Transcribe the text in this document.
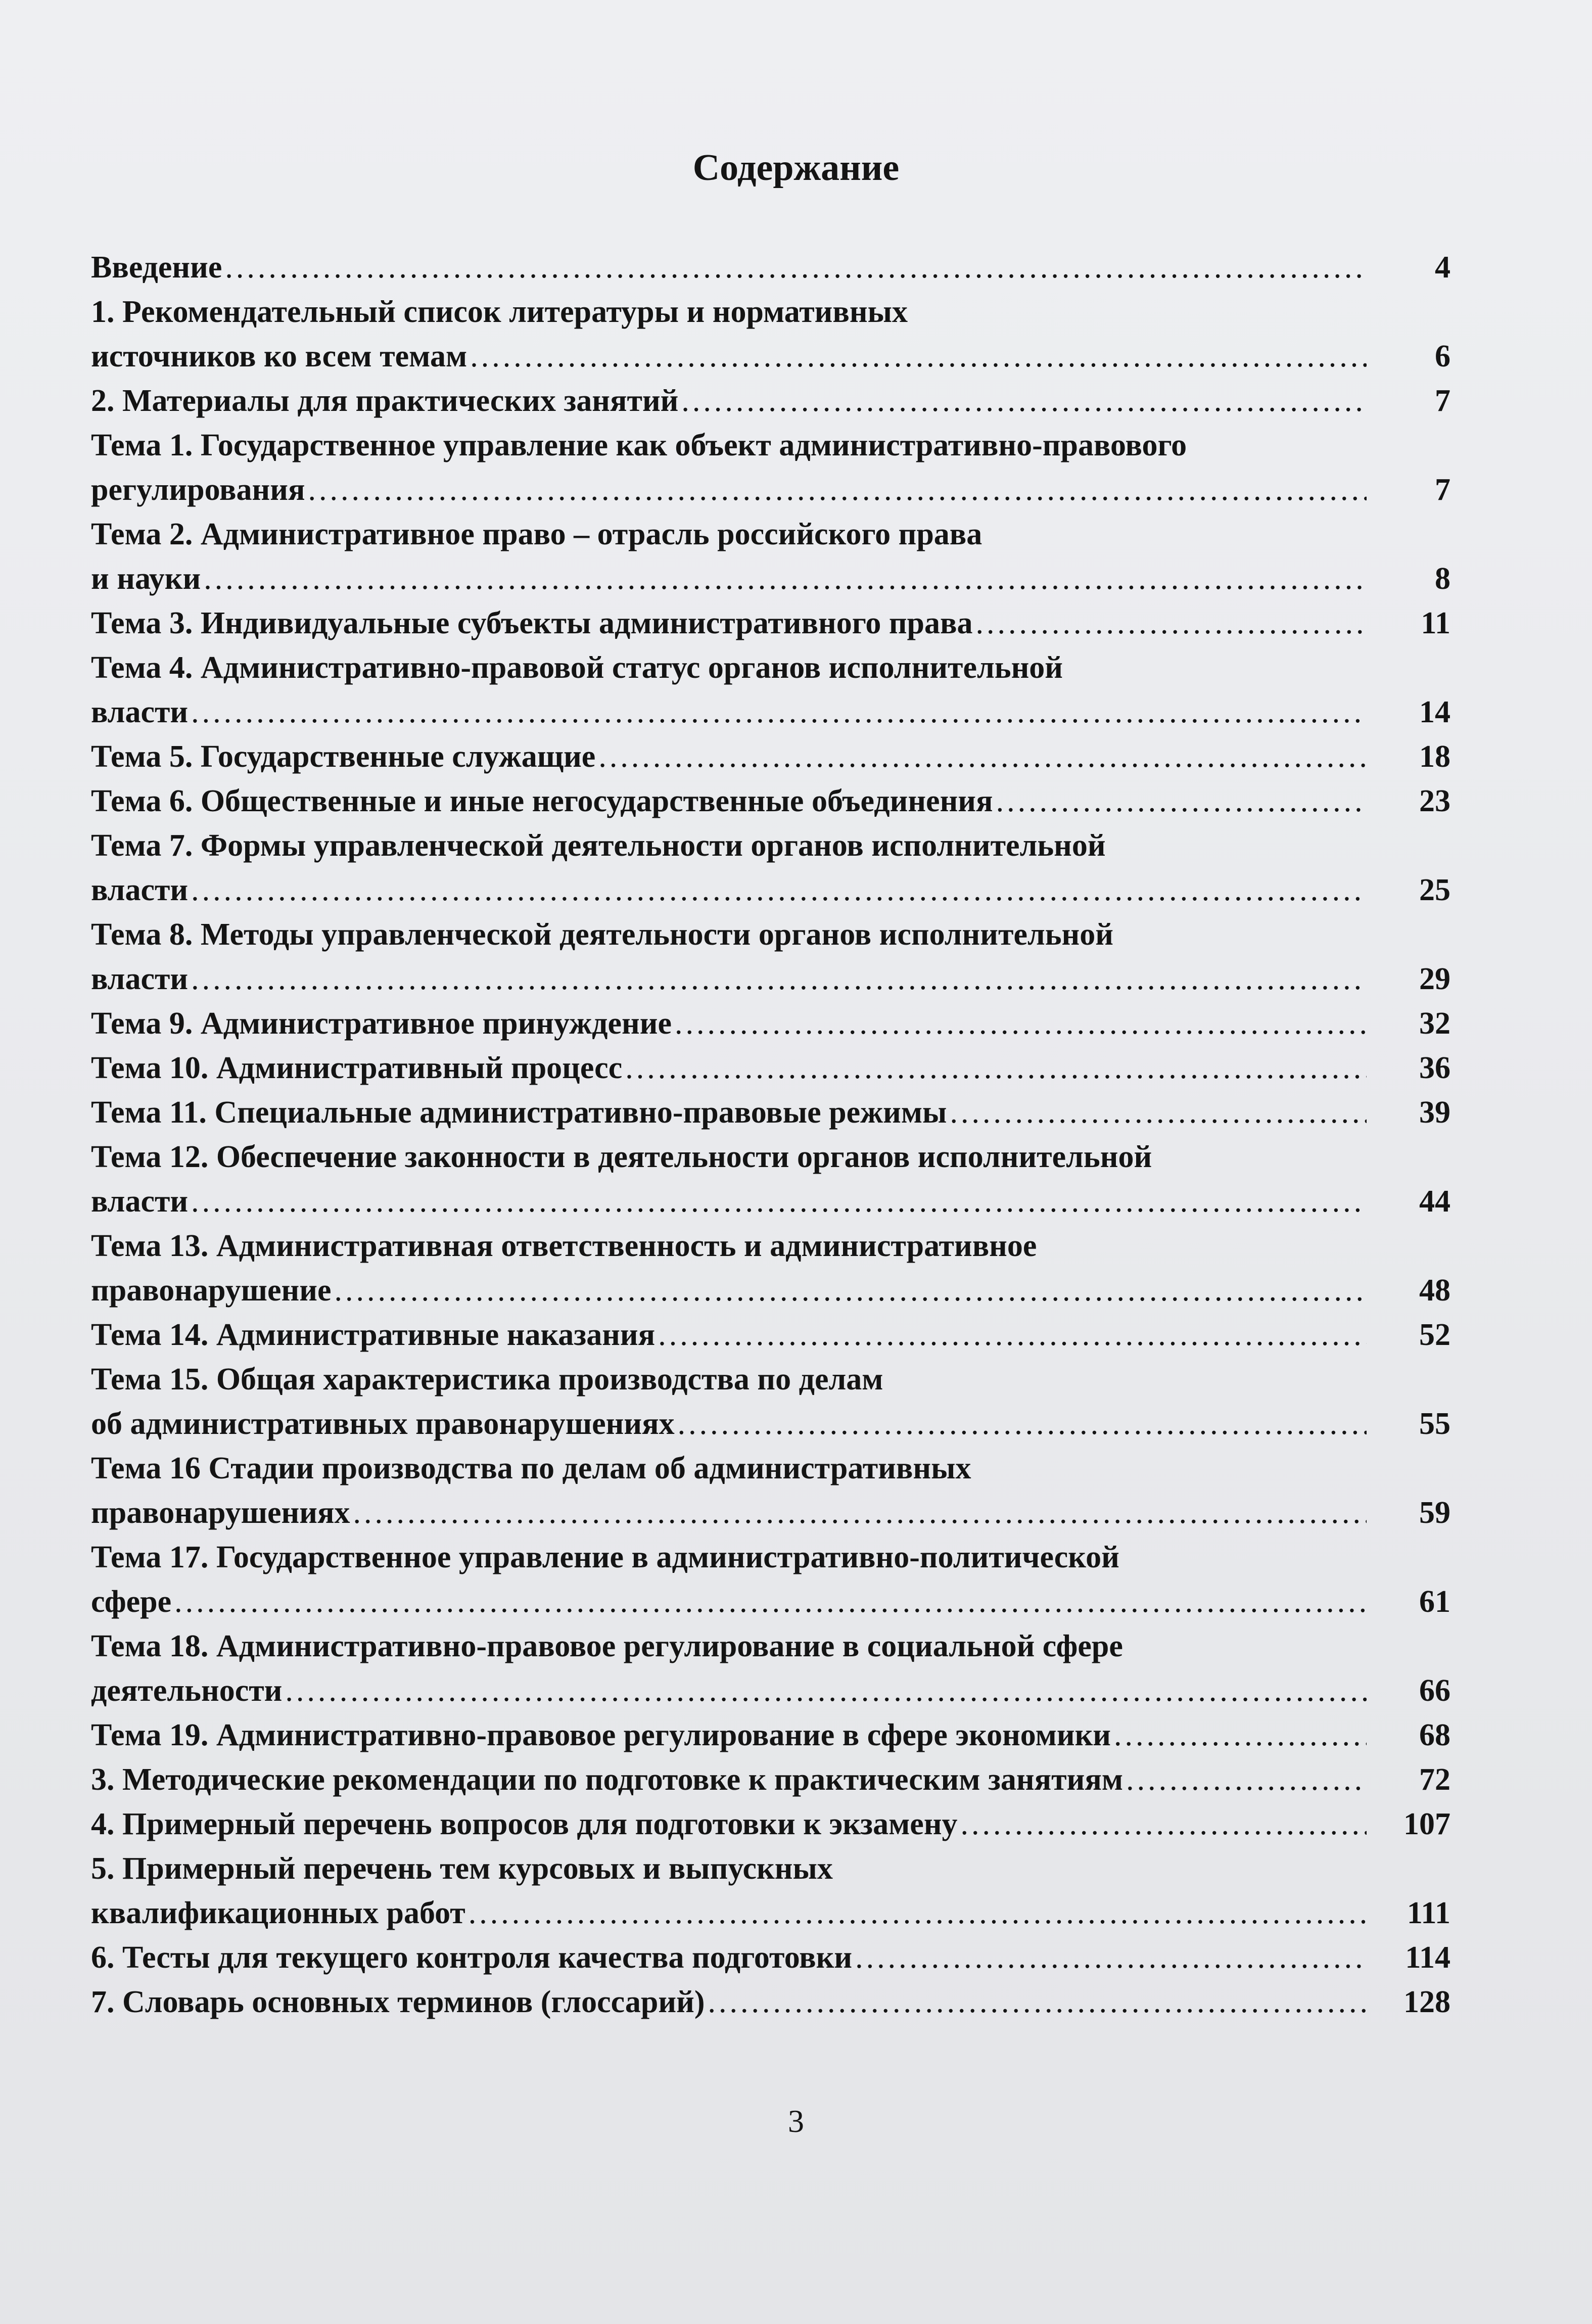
Содержание
Введение .....	4
1. Рекомендательный список литературы и нормативных
источников ко всем темам .....	6
2. Материалы для практических занятий .....	7
Тема 1. Государственное управление как объект административно-правового
регулирования .....	7
Тема 2. Административное право – отрасль российского права
и науки .....	8
Тема 3. Индивидуальные субъекты административного права .....	11
Тема 4. Административно-правовой статус органов исполнительной
власти .....	14
Тема 5. Государственные служащие .....	18
Тема 6. Общественные и иные негосударственные объединения .....	23
Тема 7. Формы управленческой деятельности органов исполнительной
власти .....	25
Тема 8. Методы управленческой деятельности органов исполнительной
власти .....	29
Тема 9. Административное принуждение .....	32
Тема 10. Административный процесс .....	36
Тема 11. Специальные административно-правовые режимы .....	39
Тема 12. Обеспечение законности в деятельности органов исполнительной
власти .....	44
Тема 13. Административная ответственность и административное
правонарушение .....	48
Тема 14. Административные наказания .....	52
Тема 15. Общая характеристика производства по делам
об административных правонарушениях .....	55
Тема 16 Стадии производства по делам об административных
правонарушениях .....	59
Тема 17. Государственное управление в административно-политической
сфере .....	61
Тема 18. Административно-правовое регулирование в социальной сфере
деятельности .....	66
Тема 19. Административно-правовое регулирование в сфере экономики .....	68
3. Методические рекомендации по подготовке к практическим занятиям .....	72
4. Примерный перечень вопросов для подготовки к экзамену .....	107
5. Примерный перечень тем курсовых и выпускных
квалификационных работ .....	111
6. Тесты для текущего контроля качества подготовки .....	114
7. Словарь основных терминов (глоссарий) .....	128
3
